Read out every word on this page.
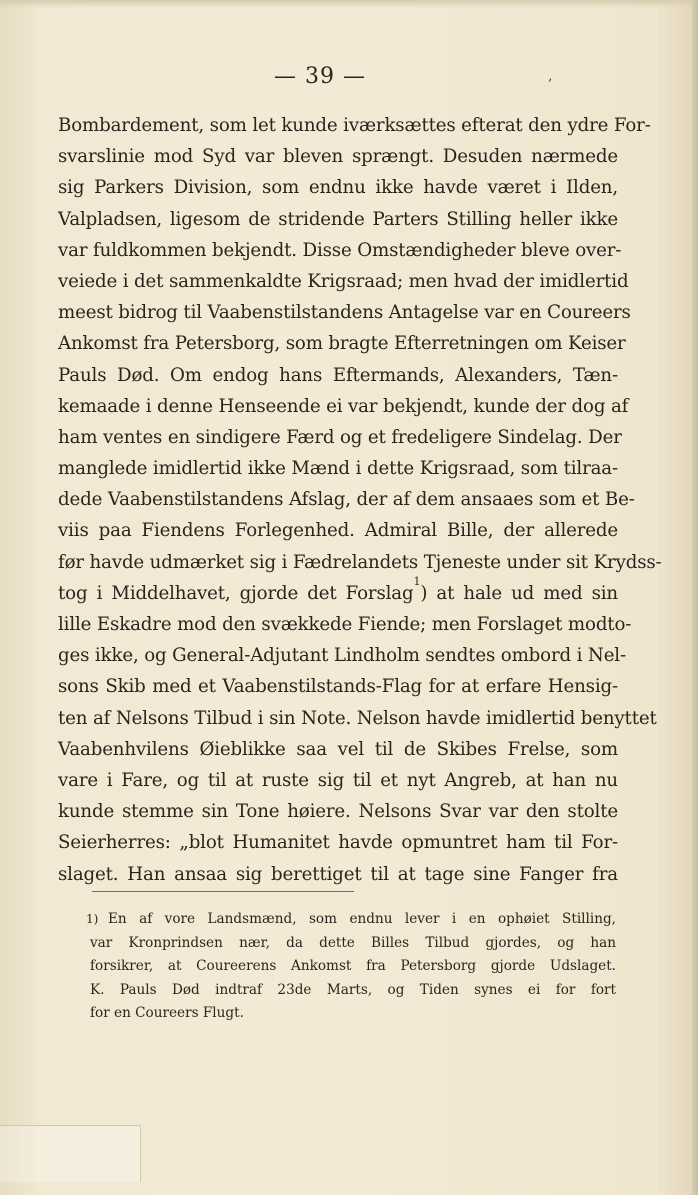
— 39 —	‚
Bombardement, som let kunde iværksættes efterat den ydre For-
svarslinie mod Syd var bleven sprængt. Desuden nærmede
sig Parkers Division, som endnu ikke havde været i Ilden,
Valpladsen, ligesom de stridende Parters Stilling heller ikke
var fuldkommen bekjendt. Disse Omstændigheder bleve over-
veiede i det sammenkaldte Krigsraad; men hvad der imidlertid
meest bidrog til Vaabenstilstandens Antagelse var en Coureers
Ankomst fra Petersborg, som bragte Efterretningen om Keiser
Pauls Død. Om endog hans Eftermands, Alexanders, Tæn-
kemaade i denne Henseende ei var bekjendt, kunde der dog af
ham ventes en sindigere Færd og et fredeligere Sindelag. Der
manglede imidlertid ikke Mænd i dette Krigsraad, som tilraa-
dede Vaabenstilstandens Afslag, der af dem ansaaes som et Be-
viis paa Fiendens Forlegenhed. Admiral Bille, der allerede
før havde udmærket sig i Fædrelandets Tjeneste under sit Krydss-
tog i Middelhavet, gjorde det Forslag$^1$) at hale ud med sin
lille Eskadre mod den svækkede Fiende; men Forslaget modto-
ges ikke, og General-Adjutant Lindholm sendtes ombord i Nel-
sons Skib med et Vaabenstilstands-Flag for at erfare Hensig-
ten af Nelsons Tilbud i sin Note. Nelson havde imidlertid benyttet
Vaabenhvilens Øieblikke saa vel til de Skibes Frelse, som
vare i Fare, og til at ruste sig til et nyt Angreb, at han nu
kunde stemme sin Tone høiere. Nelsons Svar var den stolte
Seierherres: „blot Humanitet havde opmuntret ham til For-
slaget. Han ansaa sig berettiget til at tage sine Fanger fra
1) En af vore Landsmænd, som endnu lever i en ophøiet Stilling,
var Kronprindsen nær, da dette Billes Tilbud gjordes, og han
forsikrer, at Coureerens Ankomst fra Petersborg gjorde Udslaget.
K. Pauls Død indtraf 23de Marts, og Tiden synes ei for fort
for en Coureers Flugt.
